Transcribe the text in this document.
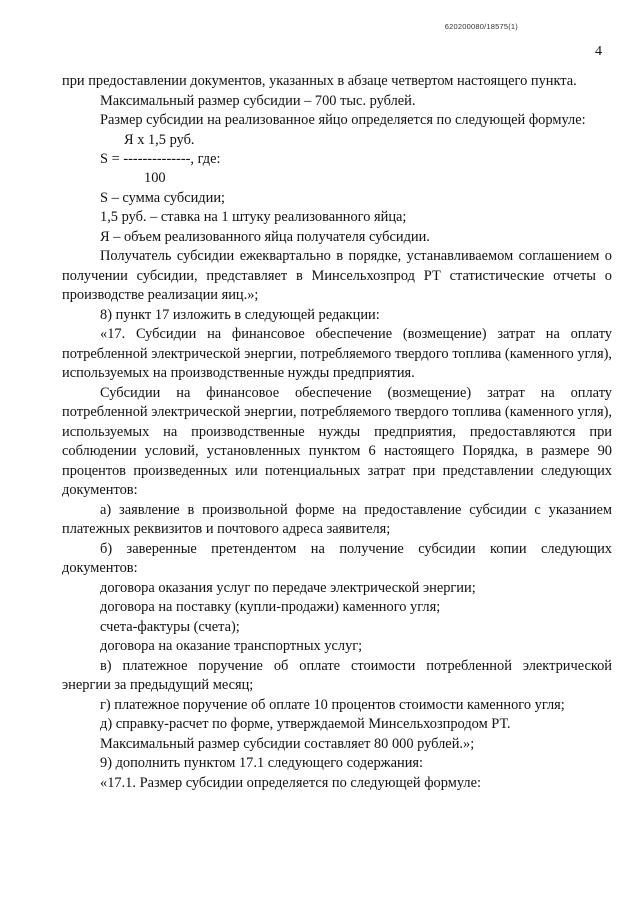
620200080/18575(1)
4

при предоставлении документов, указанных в абзаце четвертом настоящего пункта.

Максимальный размер субсидии – 700 тыс. рублей.

Размер субсидии на реализованное яйцо определяется по следующей формуле:

Я x 1,5 руб.
S = --------------, где:
100

S – сумма субсидии;

1,5 руб. – ставка на 1 штуку реализованного яйца;

Я – объем реализованного яйца получателя субсидии.

Получатель субсидии ежеквартально в порядке, устанавливаемом соглашением о получении субсидии, представляет в Минсельхозпрод РТ статистические отчеты о производстве реализации яиц.»;

8) пункт 17 изложить в следующей редакции:

«17. Субсидии на финансовое обеспечение (возмещение) затрат на оплату потребленной электрической энергии, потребляемого твердого топлива (каменного угля), используемых на производственные нужды предприятия.

Субсидии на финансовое обеспечение (возмещение) затрат на оплату потребленной электрической энергии, потребляемого твердого топлива (каменного угля), используемых на производственные нужды предприятия, предоставляются при соблюдении условий, установленных пунктом 6 настоящего Порядка, в размере 90 процентов произведенных или потенциальных затрат при представлении следующих документов:

а) заявление в произвольной форме на предоставление субсидии с указанием платежных реквизитов и почтового адреса заявителя;

б) заверенные претендентом на получение субсидии копии следующих документов:

договора оказания услуг по передаче электрической энергии;

договора на поставку (купли-продажи) каменного угля;

счета-фактуры (счета);

договора на оказание транспортных услуг;

в) платежное поручение об оплате стоимости потребленной электрической энергии за предыдущий месяц;

г) платежное поручение об оплате 10 процентов стоимости каменного угля;

д) справку-расчет по форме, утверждаемой Минсельхозпродом РТ.

Максимальный размер субсидии составляет 80 000 рублей.»;

9) дополнить пунктом 17.1 следующего содержания:

«17.1. Размер субсидии определяется по следующей формуле:
